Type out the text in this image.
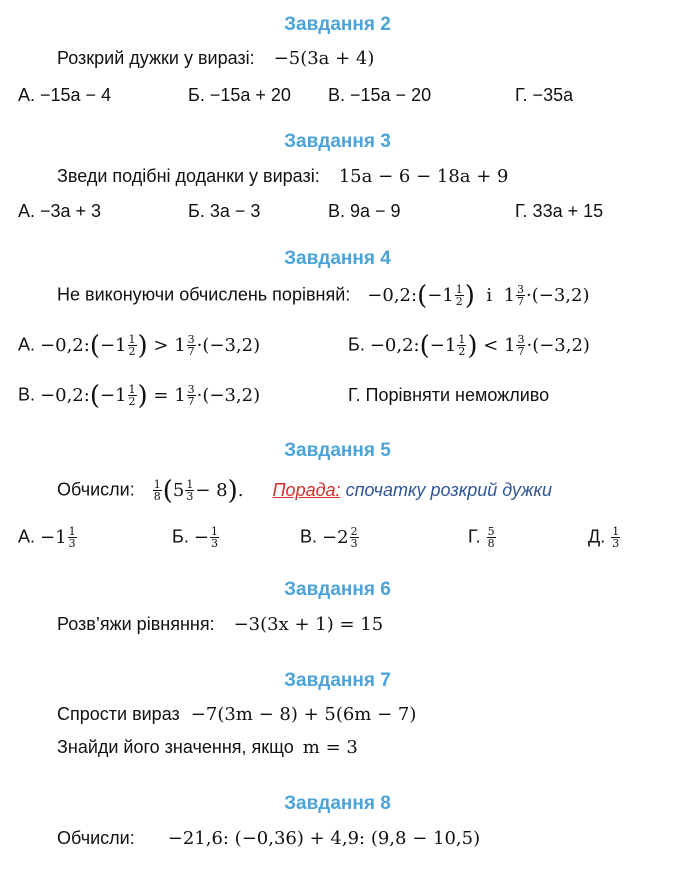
Завдання 2
Розкрий дужки у виразі: −5(3a + 4)
А. −15a − 4	Б. −15a + 20 В. −15a − 20	Г. −35a
Завдання 3
Зведи подібні доданки у виразі: 15a − 6 − 18a + 9
А. −3a + 3	Б. 3a − 3	В. 9a − 9	Г. 33a + 15
Завдання 4
Не виконуючи обчислень порівняй: −0,2:(−1 $\frac{1}{2}$ )  і  $1 \frac{3}{7} \cdot(-3,2)$
А. −0,2:(−1 $\frac{1}{2}$ ) > $1 \frac{3}{7} \cdot(-3,2)$	Б. −0,2:(−1 $\frac{1}{2}$ ) < $1 \frac{3}{7} \cdot(-3,2)$
В. −0,2:(−1 $\frac{1}{2}$ ) = $1 \frac{3}{7} \cdot(-3,2)$	Г. Порівняти неможливо
Завдання 5
Обчисли: $\frac{1}{8} (5 \frac{1}{3} - 8)$. Порада: спочатку розкрий дужки
А. $-1 \frac{1}{3}$	Б. − $\frac{1}{3}$	В. $-2 \frac{2}{3}$	Г. $\frac{5}{8}$	Д. $\frac{1}{3}$
Завдання 6
Розв’яжи рівняння: −3(3x + 1) = 15
Завдання 7
Спрости вираз −7(3m − 8) + 5(6m − 7)
Знайди його значення, якщо m = 3
Завдання 8
Обчисли: −21,6: (−0,36) + 4,9: (9,8 − 10,5)
